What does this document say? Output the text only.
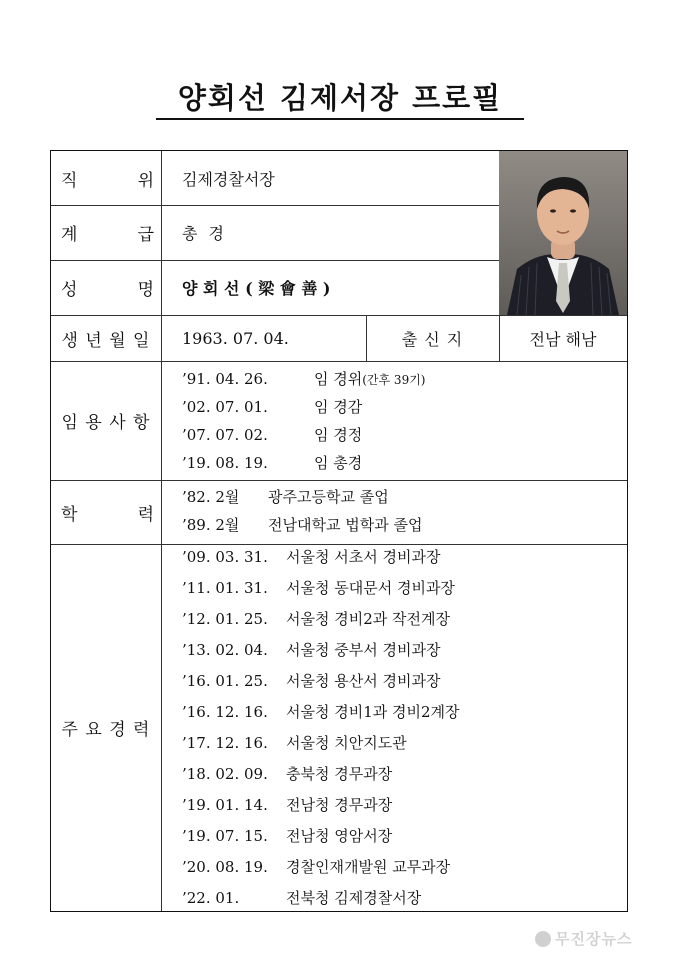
양회선 김제서장 프로필
직	위 김제경찰서장
계	급 총 경
성	명 양 회 선 ( 梁 會 善 )
생 년 월 일	1963. 07. 04.	출 신 지	전남 해남
임 용 사 항
’91. 04. 26.	임 경위(간후 39기)
’02. 07. 01.	임 경감
’07. 07. 02.	임 경정
’19. 08. 19.	임 총경
학	력
’82. 2월 광주고등학교 졸업
’89. 2월 전남대학교 법학과 졸업
주 요 경 력
’09. 03. 31. 서울청 서초서 경비과장
’11. 01. 31. 서울청 동대문서 경비과장
’12. 01. 25. 서울청 경비2과 작전계장
’13. 02. 04. 서울청 중부서 경비과장
’16. 01. 25. 서울청 용산서 경비과장
’16. 12. 16. 서울청 경비1과 경비2계장
’17. 12. 16. 서울청 치안지도관
’18. 02. 09. 충북청 경무과장
’19. 01. 14. 전남청 경무과장
’19. 07. 15. 전남청 영암서장
’20. 08. 19. 경찰인재개발원 교무과장
’22. 01.	전북청 김제경찰서장
무진장뉴스
